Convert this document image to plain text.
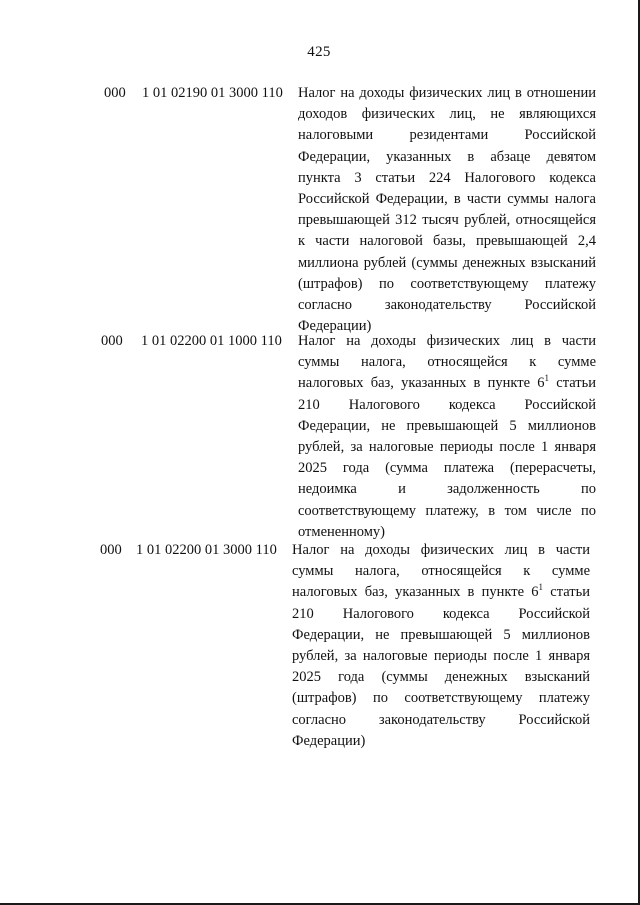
425
000 1 01 02190 01 3000 110 Налог на доходы физических лиц в отношении
доходов физических лиц, не являющихся
налоговыми резидентами Российской
Федерации, указанных в абзаце девятом
пункта 3 статьи 224 Налогового кодекса
Российской Федерации, в части суммы налога
превышающей 312 тысяч рублей, относящейся
к части налоговой базы, превышающей 2,4
миллиона рублей (суммы денежных взысканий
(штрафов) по соответствующему платежу
согласно законодательству Российской
Федерации)
000 1 01 02200 01 1000 110 Налог на доходы физических лиц в части
суммы налога, относящейся к сумме
налоговых баз, указанных в пункте $6^1$ статьи
210 Налогового кодекса Российской
Федерации, не превышающей 5 миллионов
рублей, за налоговые периоды после 1 января
2025 года (сумма платежа (перерасчеты,
недоимка и задолженность по
соответствующему платежу, в том числе по
отмененному)
000 1 01 02200 01 3000 110 Налог на доходы физических лиц в части
суммы налога, относящейся к сумме
налоговых баз, указанных в пункте $6^1$ статьи
210 Налогового кодекса Российской
Федерации, не превышающей 5 миллионов
рублей, за налоговые периоды после 1 января
2025 года (суммы денежных взысканий
(штрафов) по соответствующему платежу
согласно законодательству Российской
Федерации)
